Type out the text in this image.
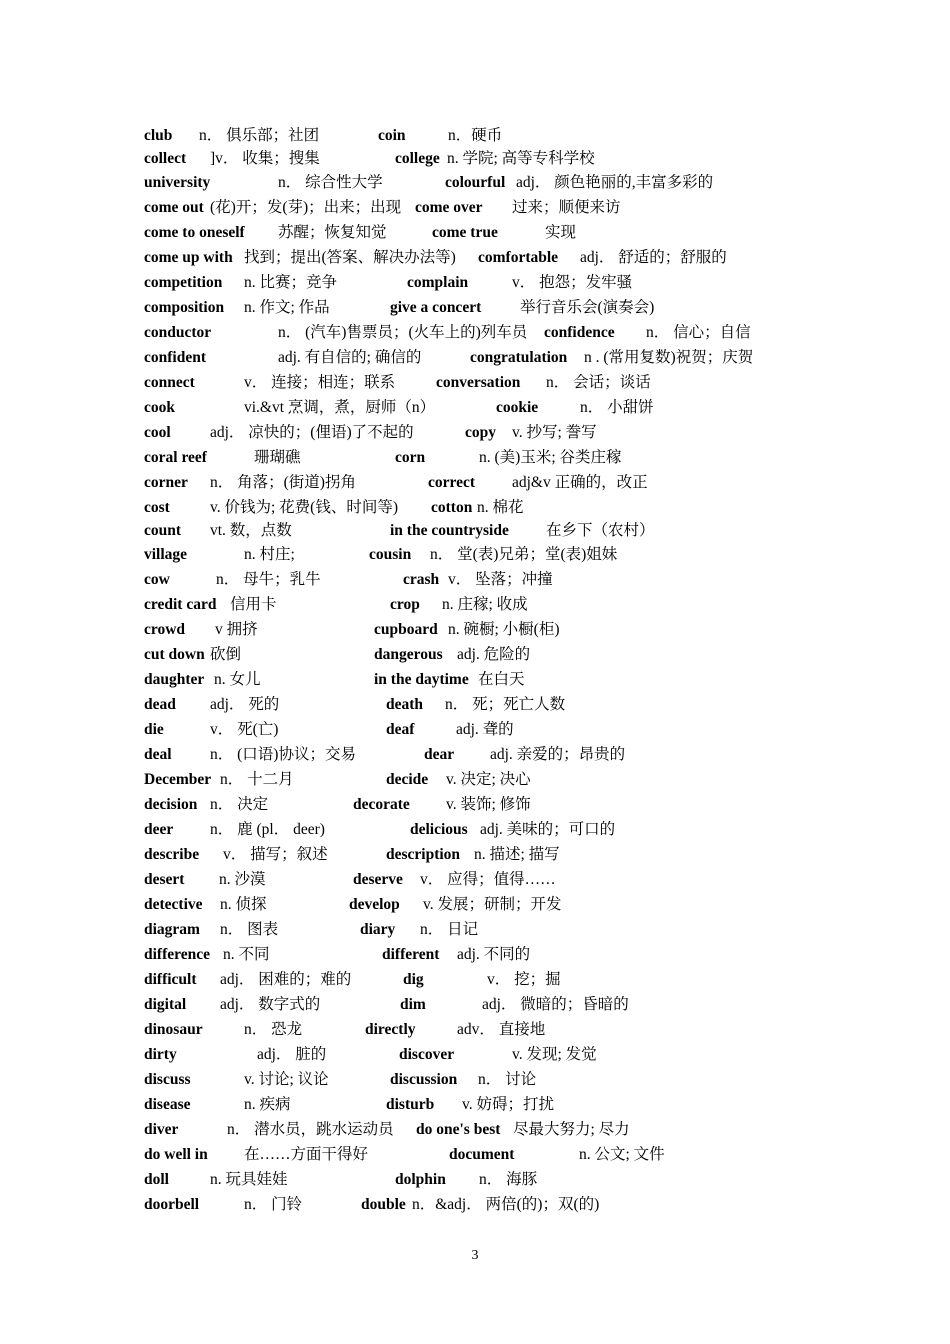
club n． 俱乐部；社团	coin	n．硬币
collect ]v． 收集；搜集	college n. 学院; 高等专科学校
university	n． 综合性大学	colourful adj． 颜色艳丽的,丰富多彩的
come out (花)开；发(芽)；出来；出现 come over 过来；顺便来访
come to oneself 苏醒；恢复知觉	come true	实现
come up with 找到；提出(答案、解决办法等) comfortable adj． 舒适的；舒服的
competition n. 比赛；竞争	complain	v． 抱怨；发牢骚
composition n. 作文; 作品	give a concert	举行音乐会(演奏会)
conductor	n． (汽车)售票员；(火车上的)列车员 confidence n． 信心；自信
confident	adj. 有自信的; 确信的	congratulation n . (常用复数)祝贺；庆贺
connect	v． 连接；相连；联系	conversation n． 会话；谈话
cook	vi.&vt 烹调，煮，厨师（n）	cookie	n． 小甜饼
cool	adj． 凉快的；(俚语)了不起的	copy v. 抄写; 誊写
coral reef	珊瑚礁	corn	n. (美)玉米; 谷类庄稼
corner n． 角落；(街道)拐角	correct adj&v 正确的，改正
cost	v. 价钱为; 花费(钱、时间等) cotton n. 棉花
count vt. 数，点数	in the countryside 在乡下（农村）
village	n. 村庄;	cousin n． 堂(表)兄弟；堂(表)姐妹
cow	n． 母牛；乳牛	crash v． 坠落；冲撞
credit card 信用卡	crop n. 庄稼; 收成
crowd v 拥挤	cupboard n. 碗橱; 小橱(柜)
cut down 砍倒	dangerous adj. 危险的
daughter n. 女儿	in the daytime 在白天
dead adj． 死的	death n． 死；死亡人数
die	v． 死(亡)	deaf	adj. 聋的
deal n． (口语)协议；交易	dear adj. 亲爱的；昂贵的
December n． 十二月	decide v. 决定; 决心
decision n． 决定	decorate v. 装饰; 修饰
deer n． 鹿 (pl． deer)	delicious adj. 美味的；可口的
describe v． 描写；叙述	description n. 描述; 描写
desert n. 沙漠	deserve v． 应得；值得……
detective n. 侦探	develop v. 发展；研制；开发
diagram n． 图表	diary n． 日记
difference n. 不同	different adj. 不同的
difficult adj． 困难的；难的	dig	v． 挖；掘
digital adj． 数字式的	dim	adj． 微暗的；昏暗的
dinosaur	n． 恐龙	directly	adv． 直接地
dirty	adj． 脏的	discover	v. 发现; 发觉
discuss	v. 讨论; 议论	discussion n． 讨论
disease	n. 疾病	disturb v. 妨碍；打扰
diver	n． 潜水员，跳水运动员 do one's best 尽最大努力; 尽力
do well in 在……方面干得好	document	n. 公文; 文件
doll	n. 玩具娃娃	dolphin n． 海豚
doorbell	n． 门铃	double n．&adj． 两倍(的)；双(的)
3
